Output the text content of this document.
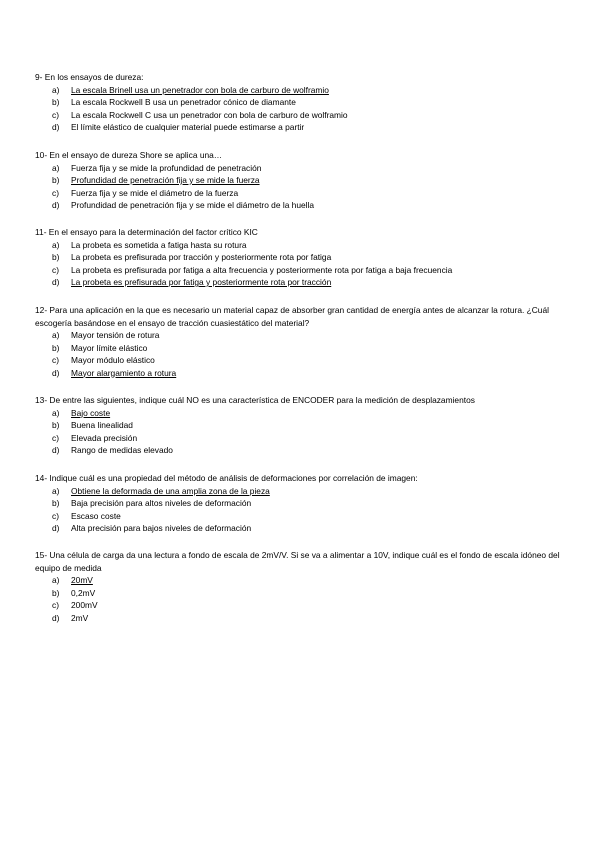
9- En los ensayos de dureza:

a) La escala Brinell usa un penetrador con bola de carburo de wolframio
b) La escala Rockwell B usa un penetrador cónico de diamante
c) La escala Rockwell C usa un penetrador con bola de carburo de wolframio
d) El límite elástico de cualquier material puede estimarse a partir

10- En el ensayo de dureza Shore se aplica una…

a) Fuerza fija y se mide la profundidad de penetración
b) Profundidad de penetración fija y se mide la fuerza
c) Fuerza fija y se mide el diámetro de la fuerza
d) Profundidad de penetración fija y se mide el diámetro de la huella

11- En el ensayo para la determinación del factor crítico KIC

a) La probeta es sometida a fatiga hasta su rotura
b) La probeta es prefisurada por tracción y posteriormente rota por fatiga
c) La probeta es prefisurada por fatiga a alta frecuencia y posteriormente rota por fatiga a baja frecuencia
d) La probeta es prefisurada por fatiga y posteriormente rota por tracción

12- Para una aplicación en la que es necesario un material capaz de absorber gran cantidad de energía antes de alcanzar la rotura. ¿Cuál escogería basándose en el ensayo de tracción cuasiestático del material?

a) Mayor tensión de rotura
b) Mayor límite elástico
c) Mayor módulo elástico
d) Mayor alargamiento a rotura

13- De entre las siguientes, indique cuál NO es una característica de ENCODER para la medición de desplazamientos

a) Bajo coste
b) Buena linealidad
c) Elevada precisión
d) Rango de medidas elevado

14- Indique cuál es una propiedad del método de análisis de deformaciones por correlación de imagen:

a) Obtiene la deformada de una amplia zona de la pieza
b) Baja precisión para altos niveles de deformación
c) Escaso coste
d) Alta precisión para bajos niveles de deformación

15- Una célula de carga da una lectura a fondo de escala de 2mV/V. Si se va a alimentar a 10V, indique cuál es el fondo de escala idóneo del equipo de medida

a) 20mV
b) 0,2mV
c) 200mV
d) 2mV
